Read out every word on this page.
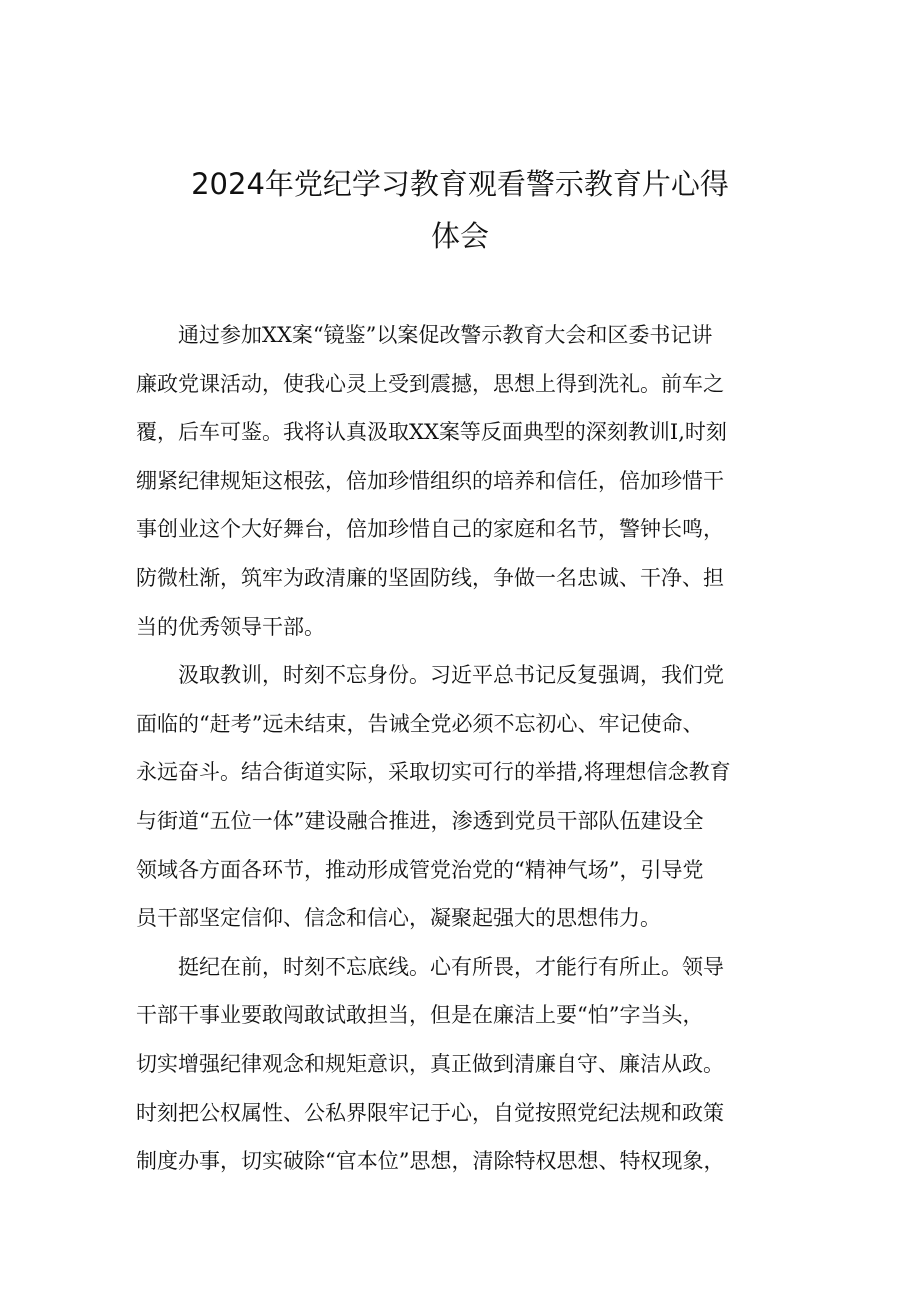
2024年党纪学习教育观看警示教育片心得
体会
通过参加XX案“镜鉴”以案促改警示教育大会和区委书记讲
廉政党课活动，使我心灵上受到震撼，思想上得到洗礼。前车之
覆，后车可鉴。我将认真汲取XX案等反面典型的深刻教训I,时刻
绷紧纪律规矩这根弦，倍加珍惜组织的培养和信任，倍加珍惜干
事创业这个大好舞台，倍加珍惜自己的家庭和名节，警钟长鸣，
防微杜渐，筑牢为政清廉的坚固防线，争做一名忠诚、干净、担
当的优秀领导干部。
汲取教训，时刻不忘身份。习近平总书记反复强调，我们党
面临的“赶考”远未结束，告诫全党必须不忘初心、牢记使命、
永远奋斗。结合街道实际，采取切实可行的举措,将理想信念教育
与街道“五位一体”建设融合推进，渗透到党员干部队伍建设全
领域各方面各环节，推动形成管党治党的“精神气场”，引导党
员干部坚定信仰、信念和信心，凝聚起强大的思想伟力。
挺纪在前，时刻不忘底线。心有所畏，才能行有所止。领导
干部干事业要敢闯敢试敢担当，但是在廉洁上要“怕”字当头，
切实增强纪律观念和规矩意识，真正做到清廉自守、廉洁从政。
时刻把公权属性、公私界限牢记于心，自觉按照党纪法规和政策
制度办事，切实破除“官本位”思想，清除特权思想、特权现象，
